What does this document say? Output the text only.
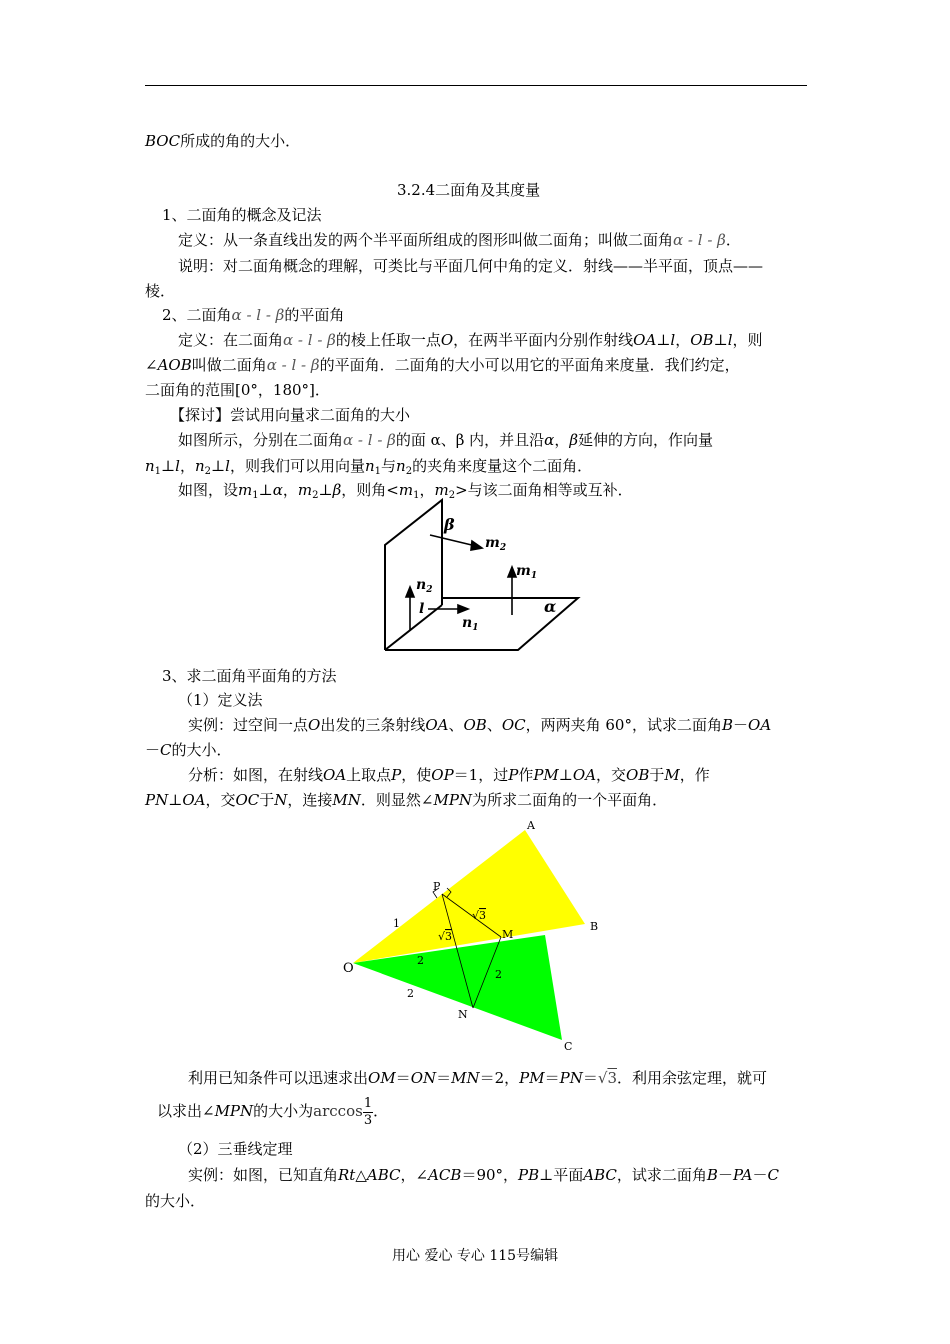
BOC所成的角的大小．
3.2.4二面角及其度量
1、二面角的概念及记法
定义：从一条直线出发的两个半平面所组成的图形叫做二面角；叫做二面角α - l - β．
说明：对二面角概念的理解，可类比与平面几何中角的定义．射线——半平面，顶点——
棱．
2、二面角α - l - β的平面角
定义：在二面角α - l - β的棱上任取一点O，在两半平面内分别作射线OA⊥l，OB⊥l，则
∠AOB叫做二面角α - l - β的平面角．二面角的大小可以用它的平面角来度量．我们约定，
二面角的范围[0°，180°]．
【探讨】尝试用向量求二面角的大小
如图所示，分别在二面角α - l - β的面 α、β 内，并且沿α，β延伸的方向，作向量
$n_1\perp l$，$n_2\perp l$，则我们可以用向量$n_1$与$n_2$的夹角来度量这个二面角．
如图，设$m_1\perp\alpha$，$m_2\perp\beta$，则角$<m_1$，$m_2>$与该二面角相等或互补．
β
$m_2$
$m_1$
$n_2$
l
$n_1$
α
3、求二面角平面角的方法
（1）定义法
实例：过空间一点O出发的三条射线OA、OB、OC，两两夹角 60°，试求二面角B－OA
－C的大小．
分析：如图，在射线OA上取点P，使OP＝1，过P作PM⊥OA，交OB于M，作
PN⊥OA，交OC于N，连接MN．则显然∠MPN为所求二面角的一个平面角．
A
B
C
O
P
M
N
1
√3
√3
2
2
2
利用已知条件可以迅速求出OM＝ON＝MN＝2，PM＝PN＝√3．利用余弦定理，就可
以求出∠MPN的大小为$\arccos \frac{1}{3}$ ．
（2）三垂线定理
实例：如图，已知直角Rt△ABC，∠ACB＝90°，PB⊥平面ABC，试求二面角B－PA－C
的大小．
用心 爱心 专心 115号编辑
